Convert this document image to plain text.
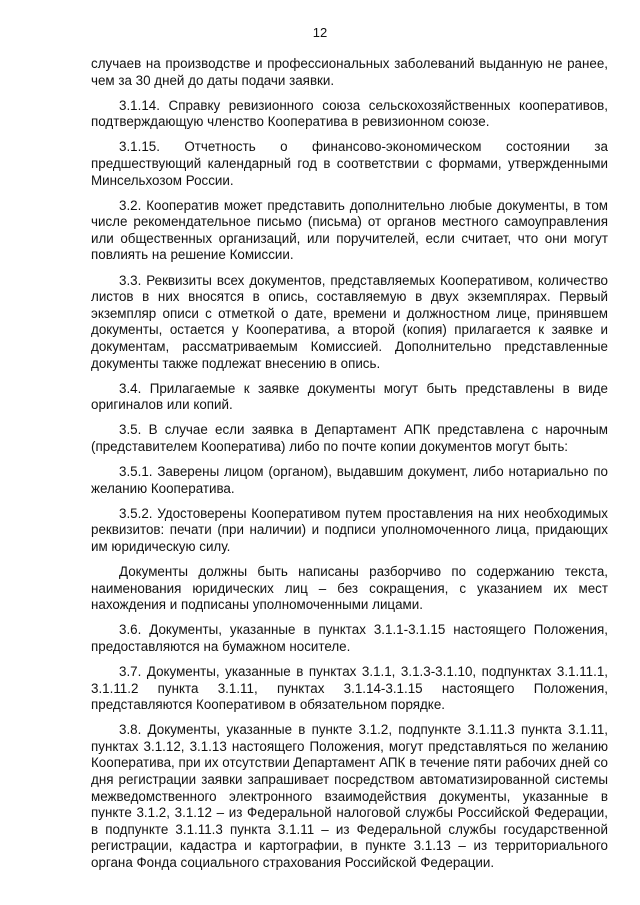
12

случаев на производстве и профессиональных заболеваний выданную не ранее, чем за 30 дней до даты подачи заявки.

3.1.14. Справку ревизионного союза сельскохозяйственных кооперативов, подтверждающую членство Кооператива в ревизионном союзе.

3.1.15. Отчетность о финансово-экономическом состоянии за предшествующий календарный год в соответствии с формами, утвержденными Минсельхозом России.

3.2. Кооператив может представить дополнительно любые документы, в том числе рекомендательное письмо (письма) от органов местного самоуправления или общественных организаций, или поручителей, если считает, что они могут повлиять на решение Комиссии.

3.3. Реквизиты всех документов, представляемых Кооперативом, количество листов в них вносятся в опись, составляемую в двух экземплярах. Первый экземпляр описи с отметкой о дате, времени и должностном лице, принявшем документы, остается у Кооператива, а второй (копия) прилагается к заявке и документам, рассматриваемым Комиссией. Дополнительно представленные документы также подлежат внесению в опись.

3.4. Прилагаемые к заявке документы могут быть представлены в виде оригиналов или копий.

3.5. В случае если заявка в Департамент АПК представлена с нарочным (представителем Кооператива) либо по почте копии документов могут быть:

3.5.1. Заверены лицом (органом), выдавшим документ, либо нотариально по желанию Кооператива.

3.5.2. Удостоверены Кооперативом путем проставления на них необходимых реквизитов: печати (при наличии) и подписи уполномоченного лица, придающих им юридическую силу.

Документы должны быть написаны разборчиво по содержанию текста, наименования юридических лиц – без сокращения, с указанием их мест нахождения и подписаны уполномоченными лицами.

3.6. Документы, указанные в пунктах 3.1.1-3.1.15 настоящего Положения, предоставляются на бумажном носителе.

3.7. Документы, указанные в пунктах 3.1.1, 3.1.3-3.1.10, подпунктах 3.1.11.1, 3.1.11.2 пункта 3.1.11, пунктах 3.1.14-3.1.15 настоящего Положения, представляются Кооперативом в обязательном порядке.

3.8. Документы, указанные в пункте 3.1.2, подпункте 3.1.11.3 пункта 3.1.11, пунктах 3.1.12, 3.1.13 настоящего Положения, могут представляться по желанию Кооператива, при их отсутствии Департамент АПК в течение пяти рабочих дней со дня регистрации заявки запрашивает посредством автоматизированной системы межведомственного электронного взаимодействия документы, указанные в пункте 3.1.2, 3.1.12 – из Федеральной налоговой службы Российской Федерации, в подпункте 3.1.11.3 пункта 3.1.11 – из Федеральной службы государственной регистрации, кадастра и картографии, в пункте 3.1.13 – из территориального органа Фонда социального страхования Российской Федерации.
